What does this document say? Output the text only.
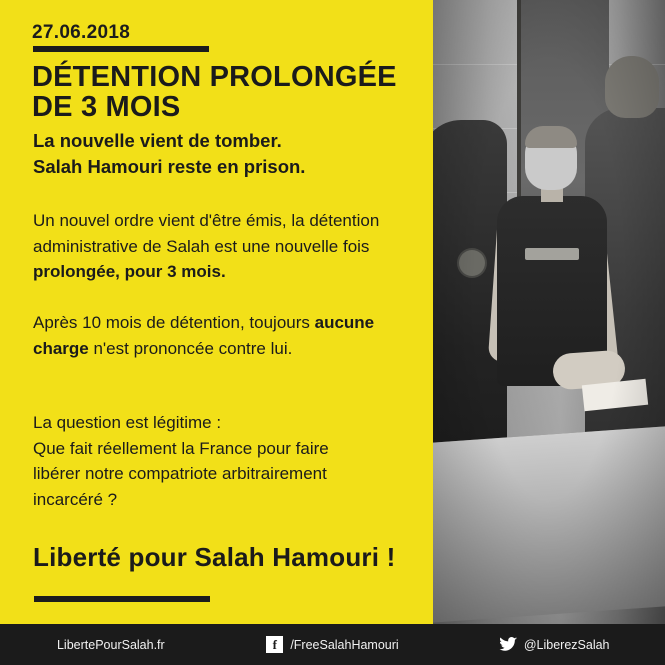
27.06.2018
DÉTENTION PROLONGÉE DE 3 MOIS
La nouvelle vient de tomber.
Salah Hamouri reste en prison.
Un nouvel ordre vient d'être émis, la détention administrative de Salah est une nouvelle fois prolongée, pour 3 mois.
Après 10 mois de détention, toujours aucune charge n'est prononcée contre lui.
La question est légitime :
Que fait réellement la France pour faire
libérer notre compatriote arbitrairement
incarcéré ?
Liberté pour Salah Hamouri !
LibertePourSalah.fr	f	/FreeSalahHamouri	@LiberezSalah
